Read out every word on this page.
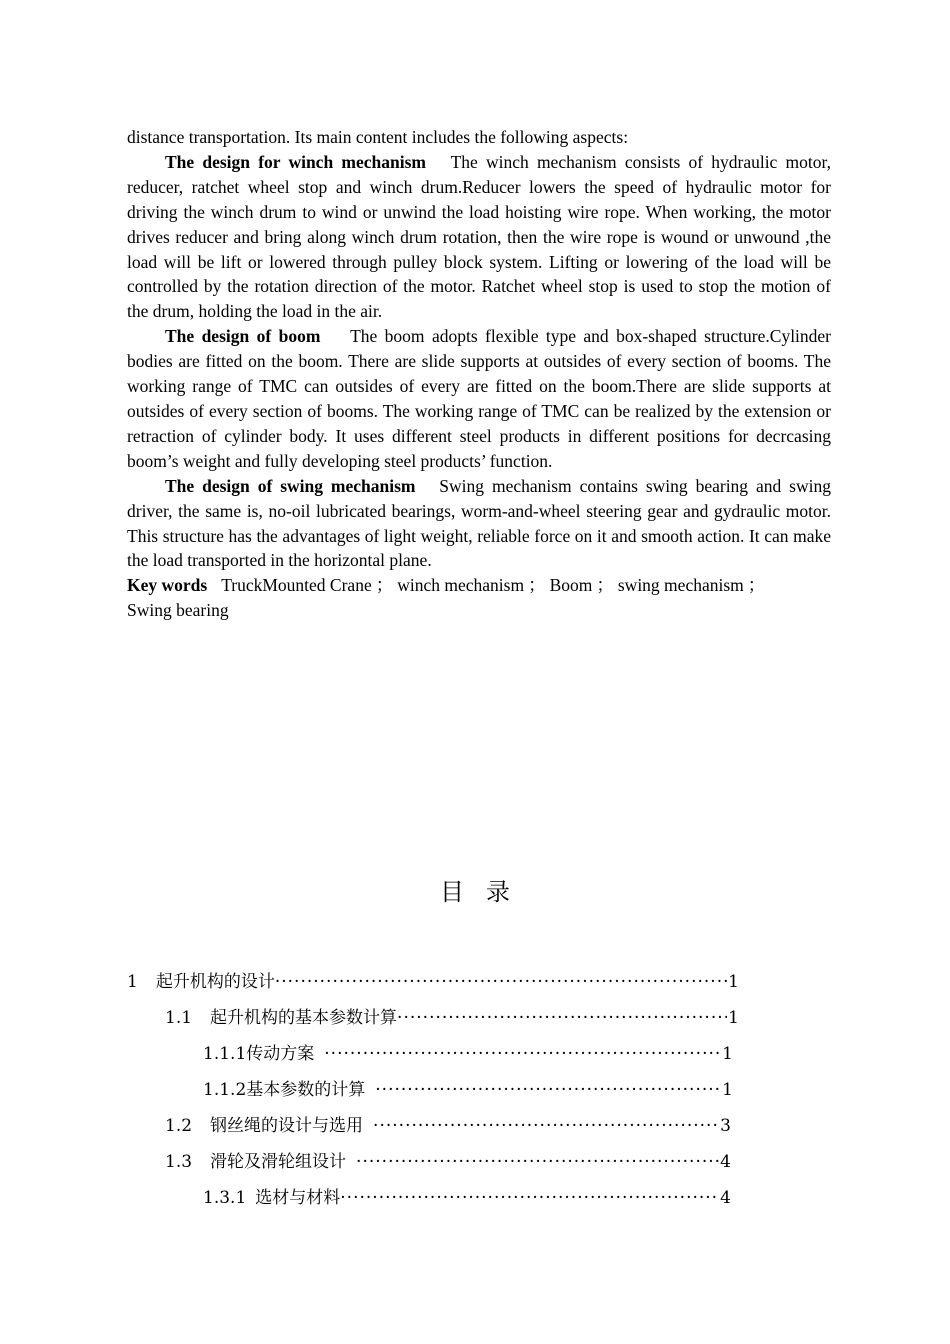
distance transportation. Its main content includes the following aspects:

The design for winch mechanism The winch mechanism consists of hydraulic motor, reducer, ratchet wheel stop and winch drum.Reducer lowers the speed of hydraulic motor for driving the winch drum to wind or unwind the load hoisting wire rope. When working, the motor drives reducer and bring along winch drum rotation, then the wire rope is wound or unwound ,the load will be lift or lowered through pulley block system. Lifting or lowering of the load will be controlled by the rotation direction of the motor. Ratchet wheel stop is used to stop the motion of the drum, holding the load in the air.

The design of boom The boom adopts flexible type and box-shaped structure.Cylinder bodies are fitted on the boom. There are slide supports at outsides of every section of booms. The working range of TMC can outsides of every are fitted on the boom.There are slide supports at outsides of every section of booms. The working range of TMC can be realized by the extension or retraction of cylinder body. It uses different steel products in different positions for decrcasing boom’s weight and fully developing steel products’ function.

The design of swing mechanism Swing mechanism contains swing bearing and swing driver, the same is, no-oil lubricated bearings, worm-and-wheel steering gear and gydraulic motor. This structure has the advantages of light weight, reliable force on it and smooth action. It can make the load transported in the horizontal plane.

Key words TruckMounted Crane ； winch mechanism ； Boom ； swing mechanism ；
Swing bearing

目录
1 起升机构的设计 ·····	1
1.1 起升机构的基本参数计算 ·····	1
1.1.1 传动方案 ·····	1
1.1.2 基本参数的计算 ·····	1
1.2 钢丝绳的设计与选用 ·····	3
1.3 滑轮及滑轮组设计 ·····	4
1.3.1 选材与材料 ·····	4
